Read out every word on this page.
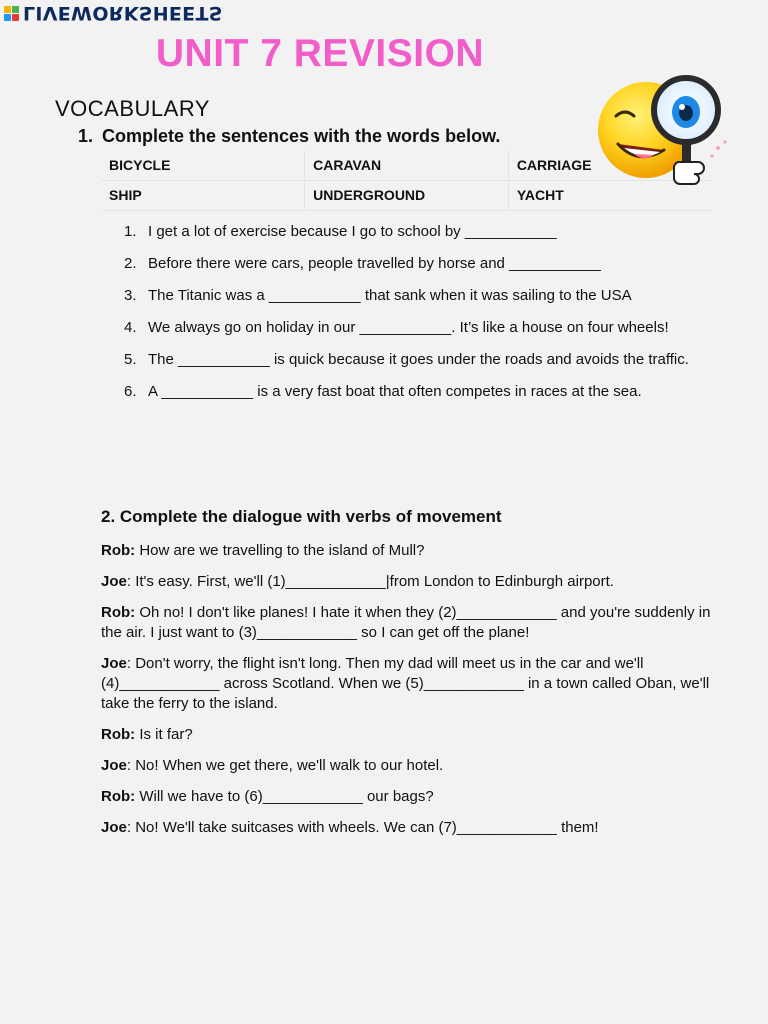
LIVEWORKSHEETS
UNIT 7 REVISION
VOCABULARY
1. Complete the sentences with the words below.
BICYCLE	CARAVAN	CARRIAGE
SHIP	UNDERGROUND	YACHT
1. I get a lot of exercise because I go to school by ___________
2. Before there were cars, people travelled by horse and ___________
3. The Titanic was a ___________ that sank when it was sailing to the USA
4. We always go on holiday in our ___________. It’s like a house on four wheels!
5. The ___________ is quick because it goes under the roads and avoids the traffic.
6. A ___________ is a very fast boat that often competes in races at the sea.
2. Complete the dialogue with verbs of movement

Rob: How are we travelling to the island of Mull?

Joe: It's easy. First, we'll (1)____________|from London to Edinburgh airport.

Rob: Oh no! I don't like planes! I hate it when they (2)____________ and you're suddenly in the air. I just want to (3)____________ so I can get off the plane!

Joe: Don't worry, the flight isn't long. Then my dad will meet us in the car and we'll (4)____________ across Scotland. When we (5)____________ in a town called Oban, we'll take the ferry to the island.

Rob: Is it far?

Joe: No! When we get there, we'll walk to our hotel.

Rob: Will we have to (6)____________ our bags?

Joe: No! We'll take suitcases with wheels. We can (7)____________ them!
